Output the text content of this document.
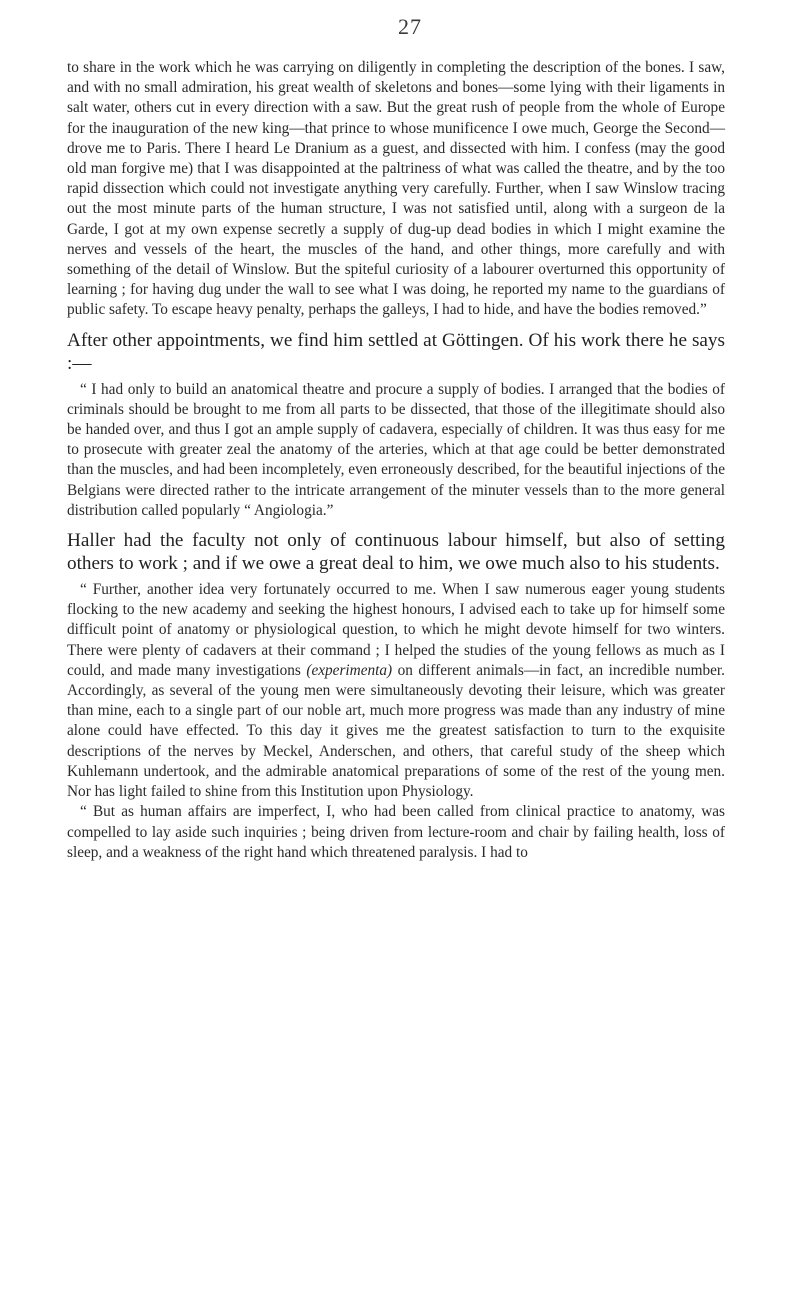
27

to share in the work which he was carrying on diligently in completing the description of the bones. I saw, and with no small admiration, his great wealth of skeletons and bones—some lying with their ligaments in salt water, others cut in every direction with a saw. But the great rush of people from the whole of Europe for the inauguration of the new king—that prince to whose munificence I owe much, George the Second—drove me to Paris. There I heard Le Dranium as a guest, and dissected with him. I confess (may the good old man forgive me) that I was disappointed at the paltriness of what was called the theatre, and by the too rapid dissection which could not investigate anything very carefully. Further, when I saw Winslow tracing out the most minute parts of the human structure, I was not satisfied until, along with a surgeon de la Garde, I got at my own expense secretly a supply of dug-up dead bodies in which I might examine the nerves and vessels of the heart, the muscles of the hand, and other things, more carefully and with something of the detail of Winslow. But the spiteful curiosity of a labourer overturned this opportunity of learning ; for having dug under the wall to see what I was doing, he reported my name to the guardians of public safety. To escape heavy penalty, perhaps the galleys, I had to hide, and have the bodies removed.”

After other appointments, we find him settled at Göttingen. Of his work there he says :—

“ I had only to build an anatomical theatre and procure a supply of bodies. I arranged that the bodies of criminals should be brought to me from all parts to be dissected, that those of the illegitimate should also be handed over, and thus I got an ample supply of cadavera, especially of children. It was thus easy for me to prosecute with greater zeal the anatomy of the arteries, which at that age could be better demonstrated than the muscles, and had been incompletely, even erroneously described, for the beautiful injections of the Belgians were directed rather to the intricate arrangement of the minuter vessels than to the more general distribution called popularly “ Angiologia.”

Haller had the faculty not only of continuous labour himself, but also of setting others to work ; and if we owe a great deal to him, we owe much also to his students.

“ Further, another idea very fortunately occurred to me. When I saw numerous eager young students flocking to the new academy and seeking the highest honours, I advised each to take up for himself some difficult point of anatomy or physiological question, to which he might devote himself for two winters. There were plenty of cadavers at their command ; I helped the studies of the young fellows as much as I could, and made many investigations (experimenta) on different animals—in fact, an incredible number. Accordingly, as several of the young men were simultaneously devoting their leisure, which was greater than mine, each to a single part of our noble art, much more progress was made than any industry of mine alone could have effected. To this day it gives me the greatest satisfaction to turn to the exquisite descriptions of the nerves by Meckel, Anderschen, and others, that careful study of the sheep which Kuhlemann undertook, and the admirable anatomical preparations of some of the rest of the young men. Nor has light failed to shine from this Institution upon Physiology.

“ But as human affairs are imperfect, I, who had been called from clinical practice to anatomy, was compelled to lay aside such inquiries ; being driven from lecture-room and chair by failing health, loss of sleep, and a weakness of the right hand which threatened paralysis. I had to
